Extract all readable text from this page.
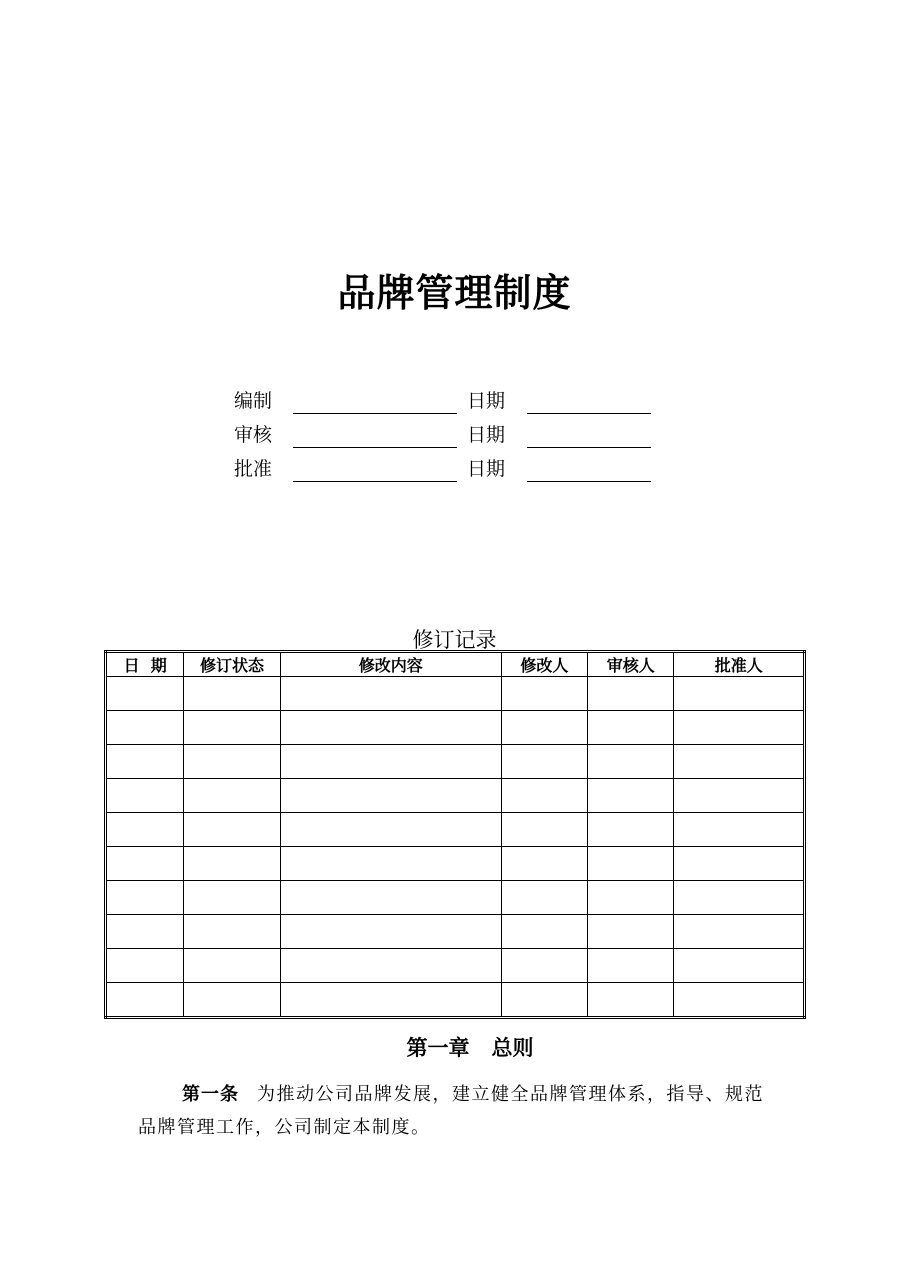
品牌管理制度
编制	日期
审核	日期
批准	日期
修订记录
日  期	修订状态	修改内容	修改人	审核人	批准人

第一章 总则
第一条 为推动公司品牌发展，建立健全品牌管理体系，指导、规范品牌管理工作，公司制定本制度。
